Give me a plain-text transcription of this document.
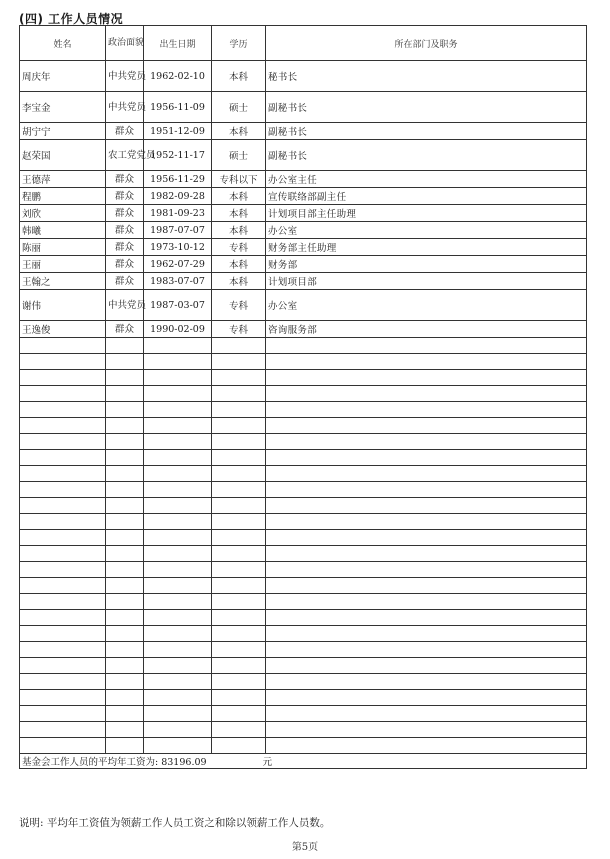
(四) 工作人员情况
姓名	政治面貌	出生日期	学历	所在部门及职务
周庆年	中共党员	1962-02-10	本科	秘书长
李宝金	中共党员	1956-11-09	硕士	副秘书长
胡宁宁	群众	1951-12-09	本科	副秘书长
赵荣国	农工党党员	1952-11-17	硕士	副秘书长
王德萍	群众	1956-11-29	专科以下	办公室主任
程鹏	群众	1982-09-28	本科	宣传联络部副主任
刘欣	群众	1981-09-23	本科	计划项目部主任助理
韩曦	群众	1987-07-07	本科	办公室
陈丽	群众	1973-10-12	专科	财务部主任助理
王丽	群众	1962-07-29	本科	财务部
王翰之	群众	1983-07-07	本科	计划项目部
谢伟	中共党员	1987-03-07	专科	办公室
王逸俊	群众	1990-02-09	专科	咨询服务部

基金会工作人员的平均年工资为: 83196.09 元				
说明: 平均年工资值为领薪工作人员工资之和除以领薪工作人员数。
第5页
